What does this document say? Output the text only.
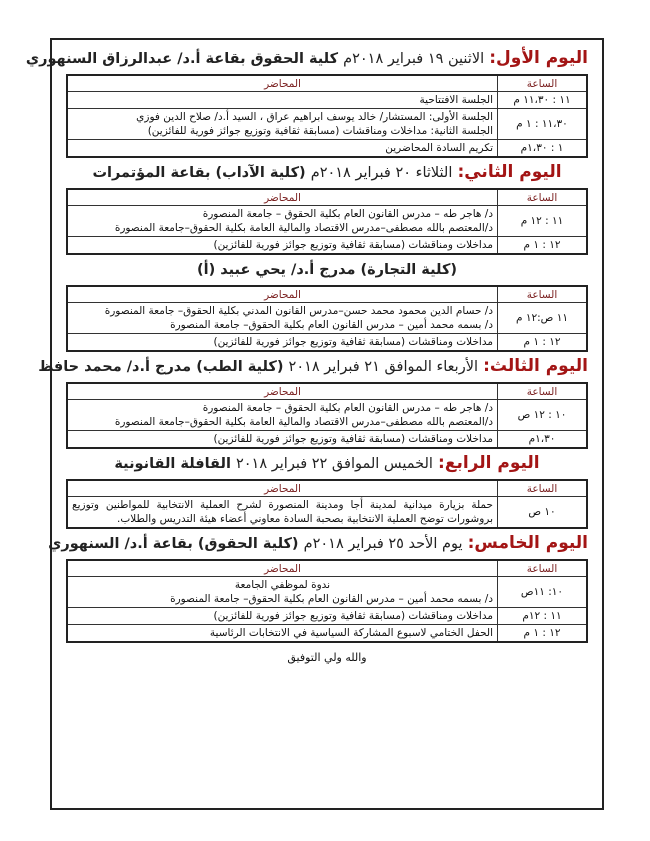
اليوم الأول: الاثنين ١٩ فبراير ٢٠١٨م كلية الحقوق بقاعة أ.د/ عبدالرزاق السنهوري
الساعة	المحاضر
١١ : ١١،٣٠ م	الجلسة الافتتاحية

١١،٣٠ : ١ م	الجلسة الأولى: المستشار/ خالد يوسف ابراهيم عراق ، السيد أ.د/ صلاح الدين فوزي
الجلسة الثانية: مداخلات ومناقشات (مسابقة ثقافية وتوزيع جوائز فورية للفائزين)

١ : ١،٣٠م	تكريم السادة المحاضرين
اليوم الثاني: الثلاثاء ٢٠ فبراير ٢٠١٨م (كلية الآداب) بقاعة المؤتمرات
الساعة	المحاضر
١١ : ١٢ م	د/ هاجر طه – مدرس القانون العام بكلية الحقوق – جامعة المنصورة
د/المعتصم بالله مصطفى–مدرس الاقتصاد والمالية العامة بكلية الحقوق–جامعة المنصورة

١٢ : ١ م	مداخلات ومناقشات (مسابقة ثقافية وتوزيع جوائز فورية للفائزين)
(كلية التجارة) مدرج أ.د/ يحي عبيد (أ)
الساعة	المحاضر
١١ ص:١٢ م	د/ حسام الدين محمود محمد حسن–مدرس القانون المدني بكلية الحقوق– جامعة المنصورة
د/ بسمه محمد أمين – مدرس القانون العام بكلية الحقوق– جامعة المنصورة

١٢ : ١ م	مداخلات ومناقشات (مسابقة ثقافية وتوزيع جوائز فورية للفائزين)
اليوم الثالث: الأربعاء الموافق ٢١ فبراير ٢٠١٨ (كلية الطب) مدرج أ.د/ محمد حافظ
الساعة	المحاضر
١٠ : ١٢ ص	د/ هاجر طه – مدرس القانون العام بكلية الحقوق – جامعة المنصورة
د/المعتصم بالله مصطفى–مدرس الاقتصاد والمالية العامة بكلية الحقوق–جامعة المنصورة

١،٣٠م	مداخلات ومناقشات (مسابقة ثقافية وتوزيع جوائز فورية للفائزين)
اليوم الرابع: الخميس الموافق ٢٢ فبراير ٢٠١٨ القافلة القانونية
الساعة	المحاضر
١٠ ص	حملة بزيارة ميدانية لمدينة أجا ومدينة المنصورة لشرح العملية الانتخابية للمواطنين وتوزيع بروشورات توضح العملية الانتخابية بصحبة السادة معاوني أعضاء هيئة التدريس والطلاب.
اليوم الخامس: يوم الأحد ٢٥ فبراير ٢٠١٨م (كلية الحقوق) بقاعة أ.د/ السنهوري
الساعة	المحاضر
١٠: ١١ص	ندوة لموظفي الجامعة
د/ بسمه محمد أمين – مدرس القانون العام بكلية الحقوق– جامعة المنصورة

١١ : ١٢م	مداخلات ومناقشات (مسابقة ثقافية وتوزيع جوائز فورية للفائزين)

١٢ : ١ م	الحفل الختامي لاسبوع المشاركة السياسية في الانتخابات الرئاسية
والله ولي التوفيق
